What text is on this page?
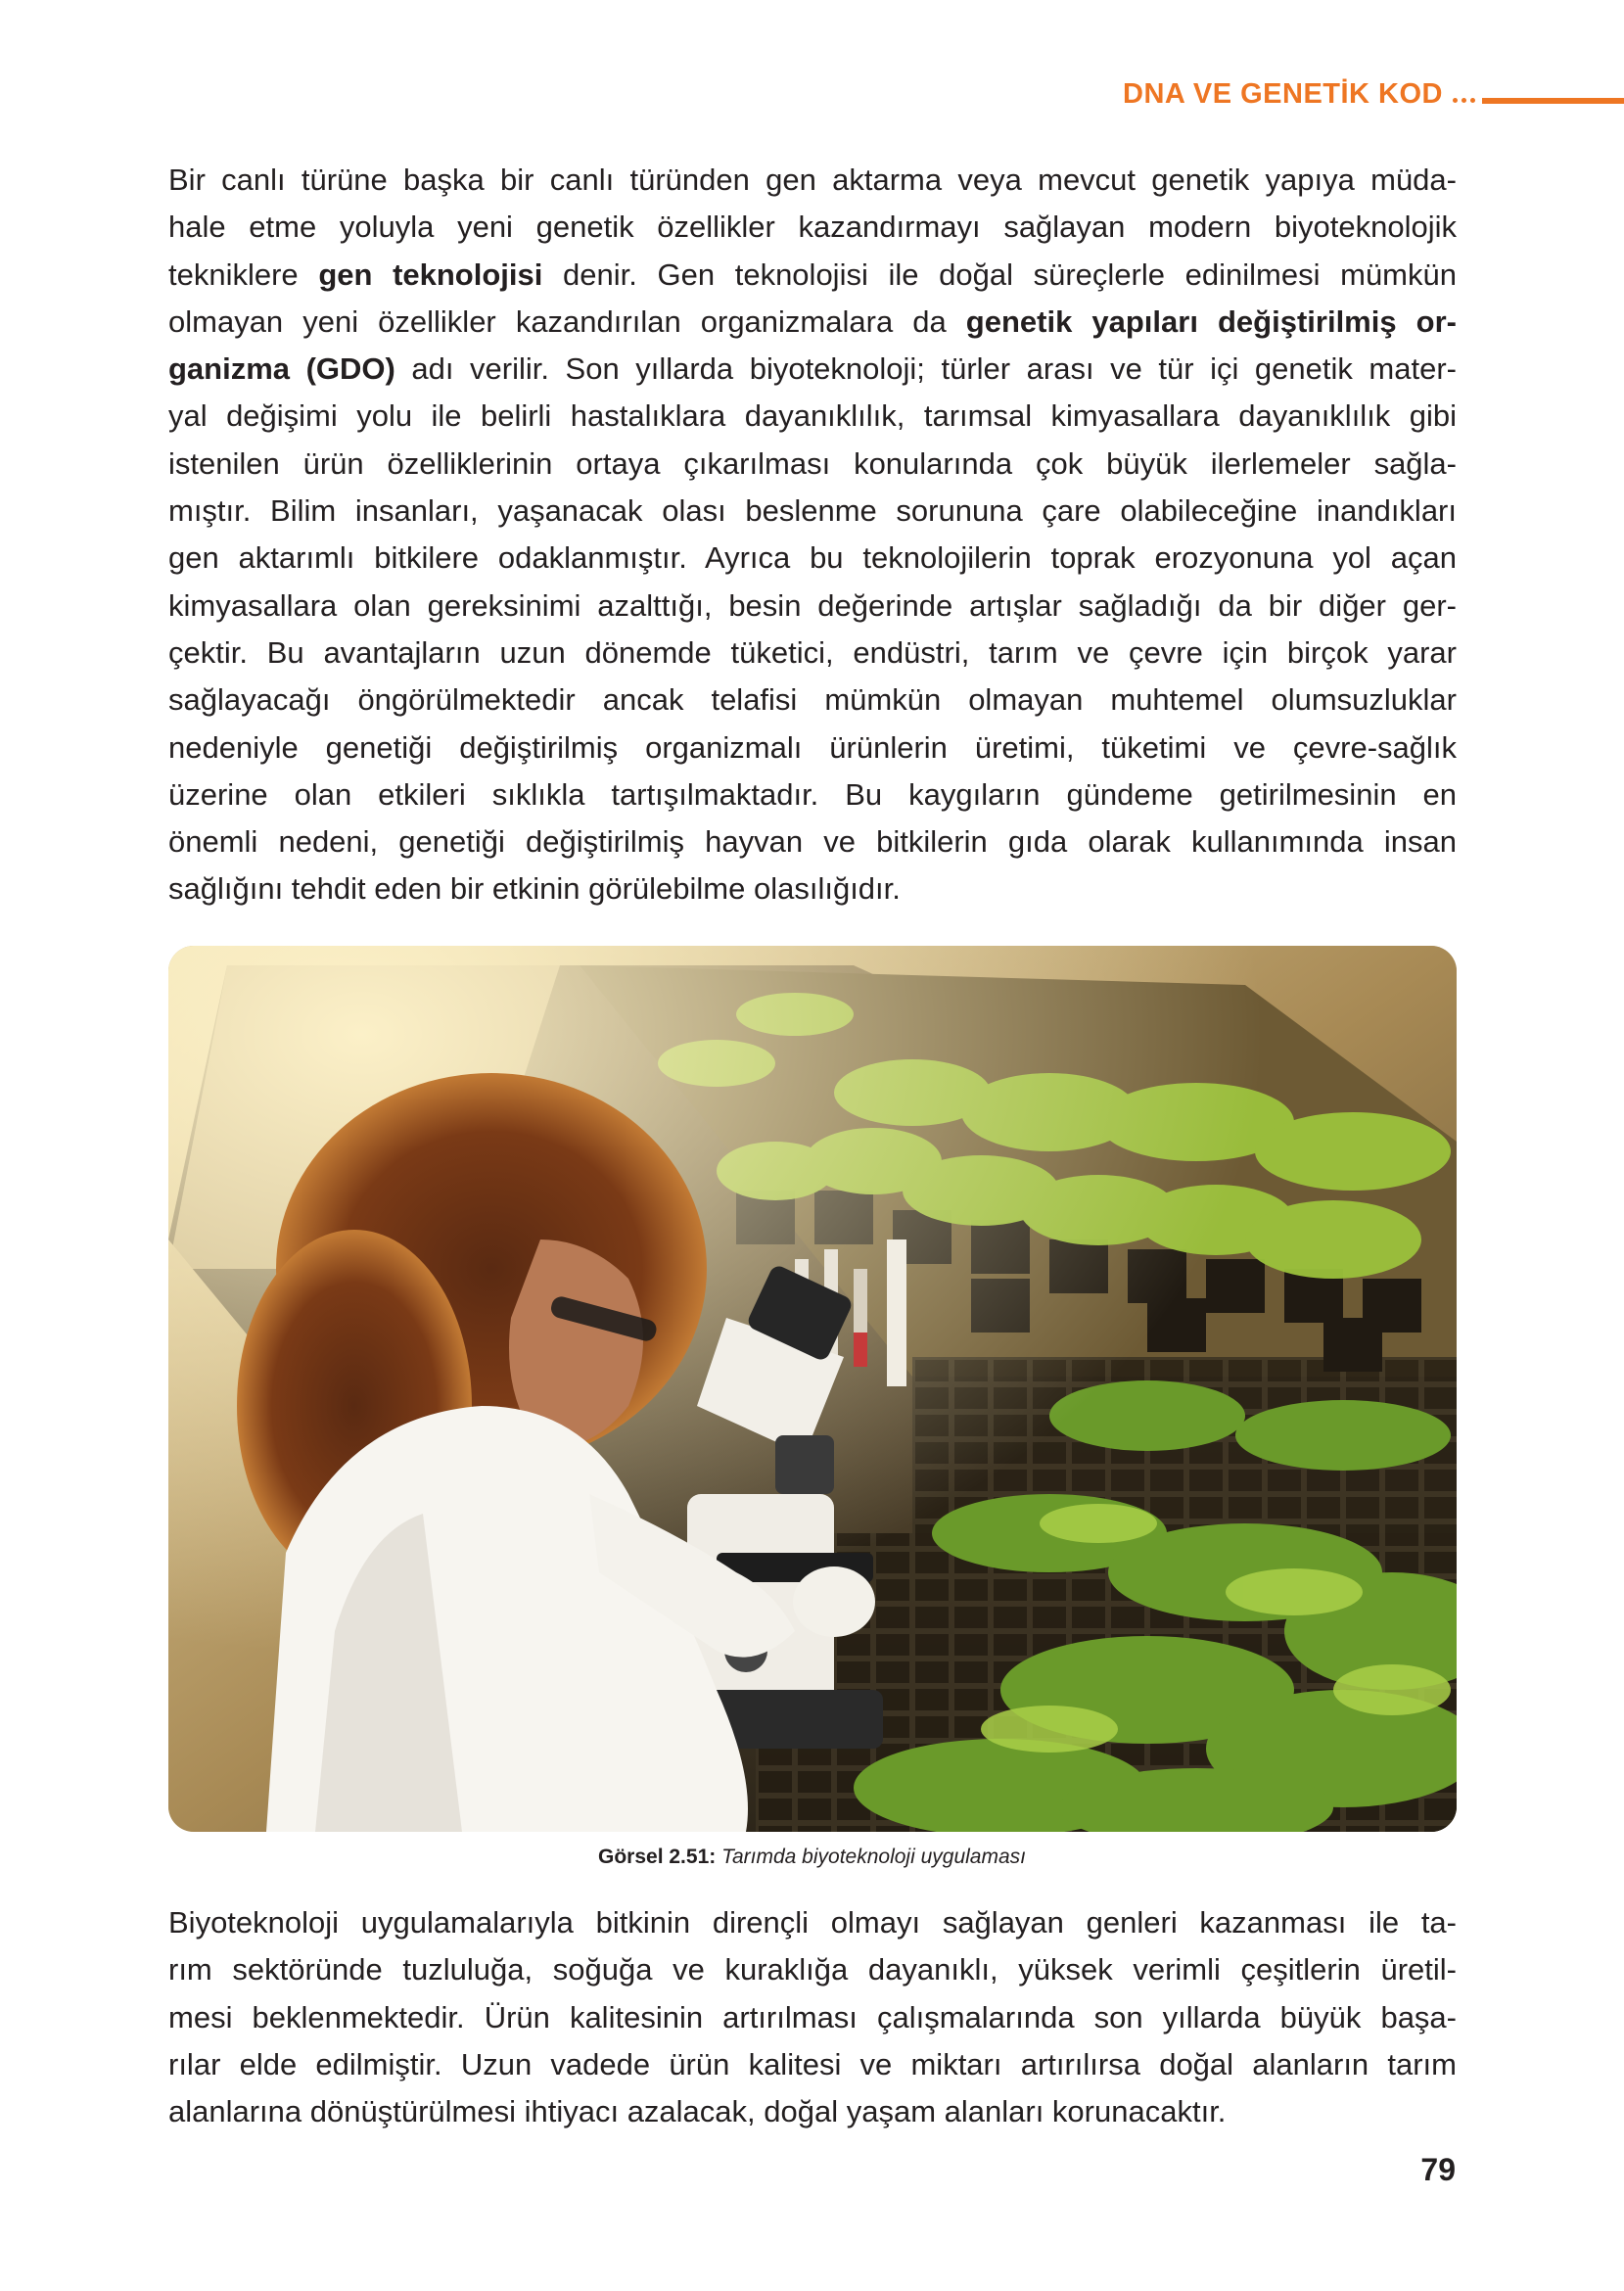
DNA VE GENETİK KOD
Bir canlı türüne başka bir canlı türünden gen aktarma veya mevcut genetik yapıya müda-
hale etme yoluyla yeni genetik özellikler kazandırmayı sağlayan modern biyoteknolojik
tekniklere gen teknolojisi denir. Gen teknolojisi ile doğal süreçlerle edinilmesi mümkün
olmayan yeni özellikler kazandırılan organizmalara da genetik yapıları değiştirilmiş or-
ganizma (GDO) adı verilir. Son yıllarda biyoteknoloji; türler arası ve tür içi genetik mater-
yal değişimi yolu ile belirli hastalıklara dayanıklılık, tarımsal kimyasallara dayanıklılık gibi
istenilen ürün özelliklerinin ortaya çıkarılması konularında çok büyük ilerlemeler sağla-
mıştır. Bilim insanları, yaşanacak olası beslenme sorununa çare olabileceğine inandıkları
gen aktarımlı bitkilere odaklanmıştır. Ayrıca bu teknolojilerin toprak erozyonuna yol açan
kimyasallara olan gereksinimi azalttığı, besin değerinde artışlar sağladığı da bir diğer ger-
çektir. Bu avantajların uzun dönemde tüketici, endüstri, tarım ve çevre için birçok yarar
sağlayacağı öngörülmektedir ancak telafisi mümkün olmayan muhtemel olumsuzluklar
nedeniyle genetiği değiştirilmiş organizmalı ürünlerin üretimi, tüketimi ve çevre-sağlık
üzerine olan etkileri sıklıkla tartışılmaktadır. Bu kaygıların gündeme getirilmesinin en
önemli nedeni, genetiği değiştirilmiş hayvan ve bitkilerin gıda olarak kullanımında insan
sağlığını tehdit eden bir etkinin görülebilme olasılığıdır.
Görsel 2.51: Tarımda biyoteknoloji uygulaması
Biyoteknoloji uygulamalarıyla bitkinin dirençli olmayı sağlayan genleri kazanması ile ta-
rım sektöründe tuzluluğa, soğuğa ve kuraklığa dayanıklı, yüksek verimli çeşitlerin üretil-
mesi beklenmektedir. Ürün kalitesinin artırılması çalışmalarında son yıllarda büyük başa-
rılar elde edilmiştir. Uzun vadede ürün kalitesi ve miktarı artırılırsa doğal alanların tarım
alanlarına dönüştürülmesi ihtiyacı azalacak, doğal yaşam alanları korunacaktır.
79
